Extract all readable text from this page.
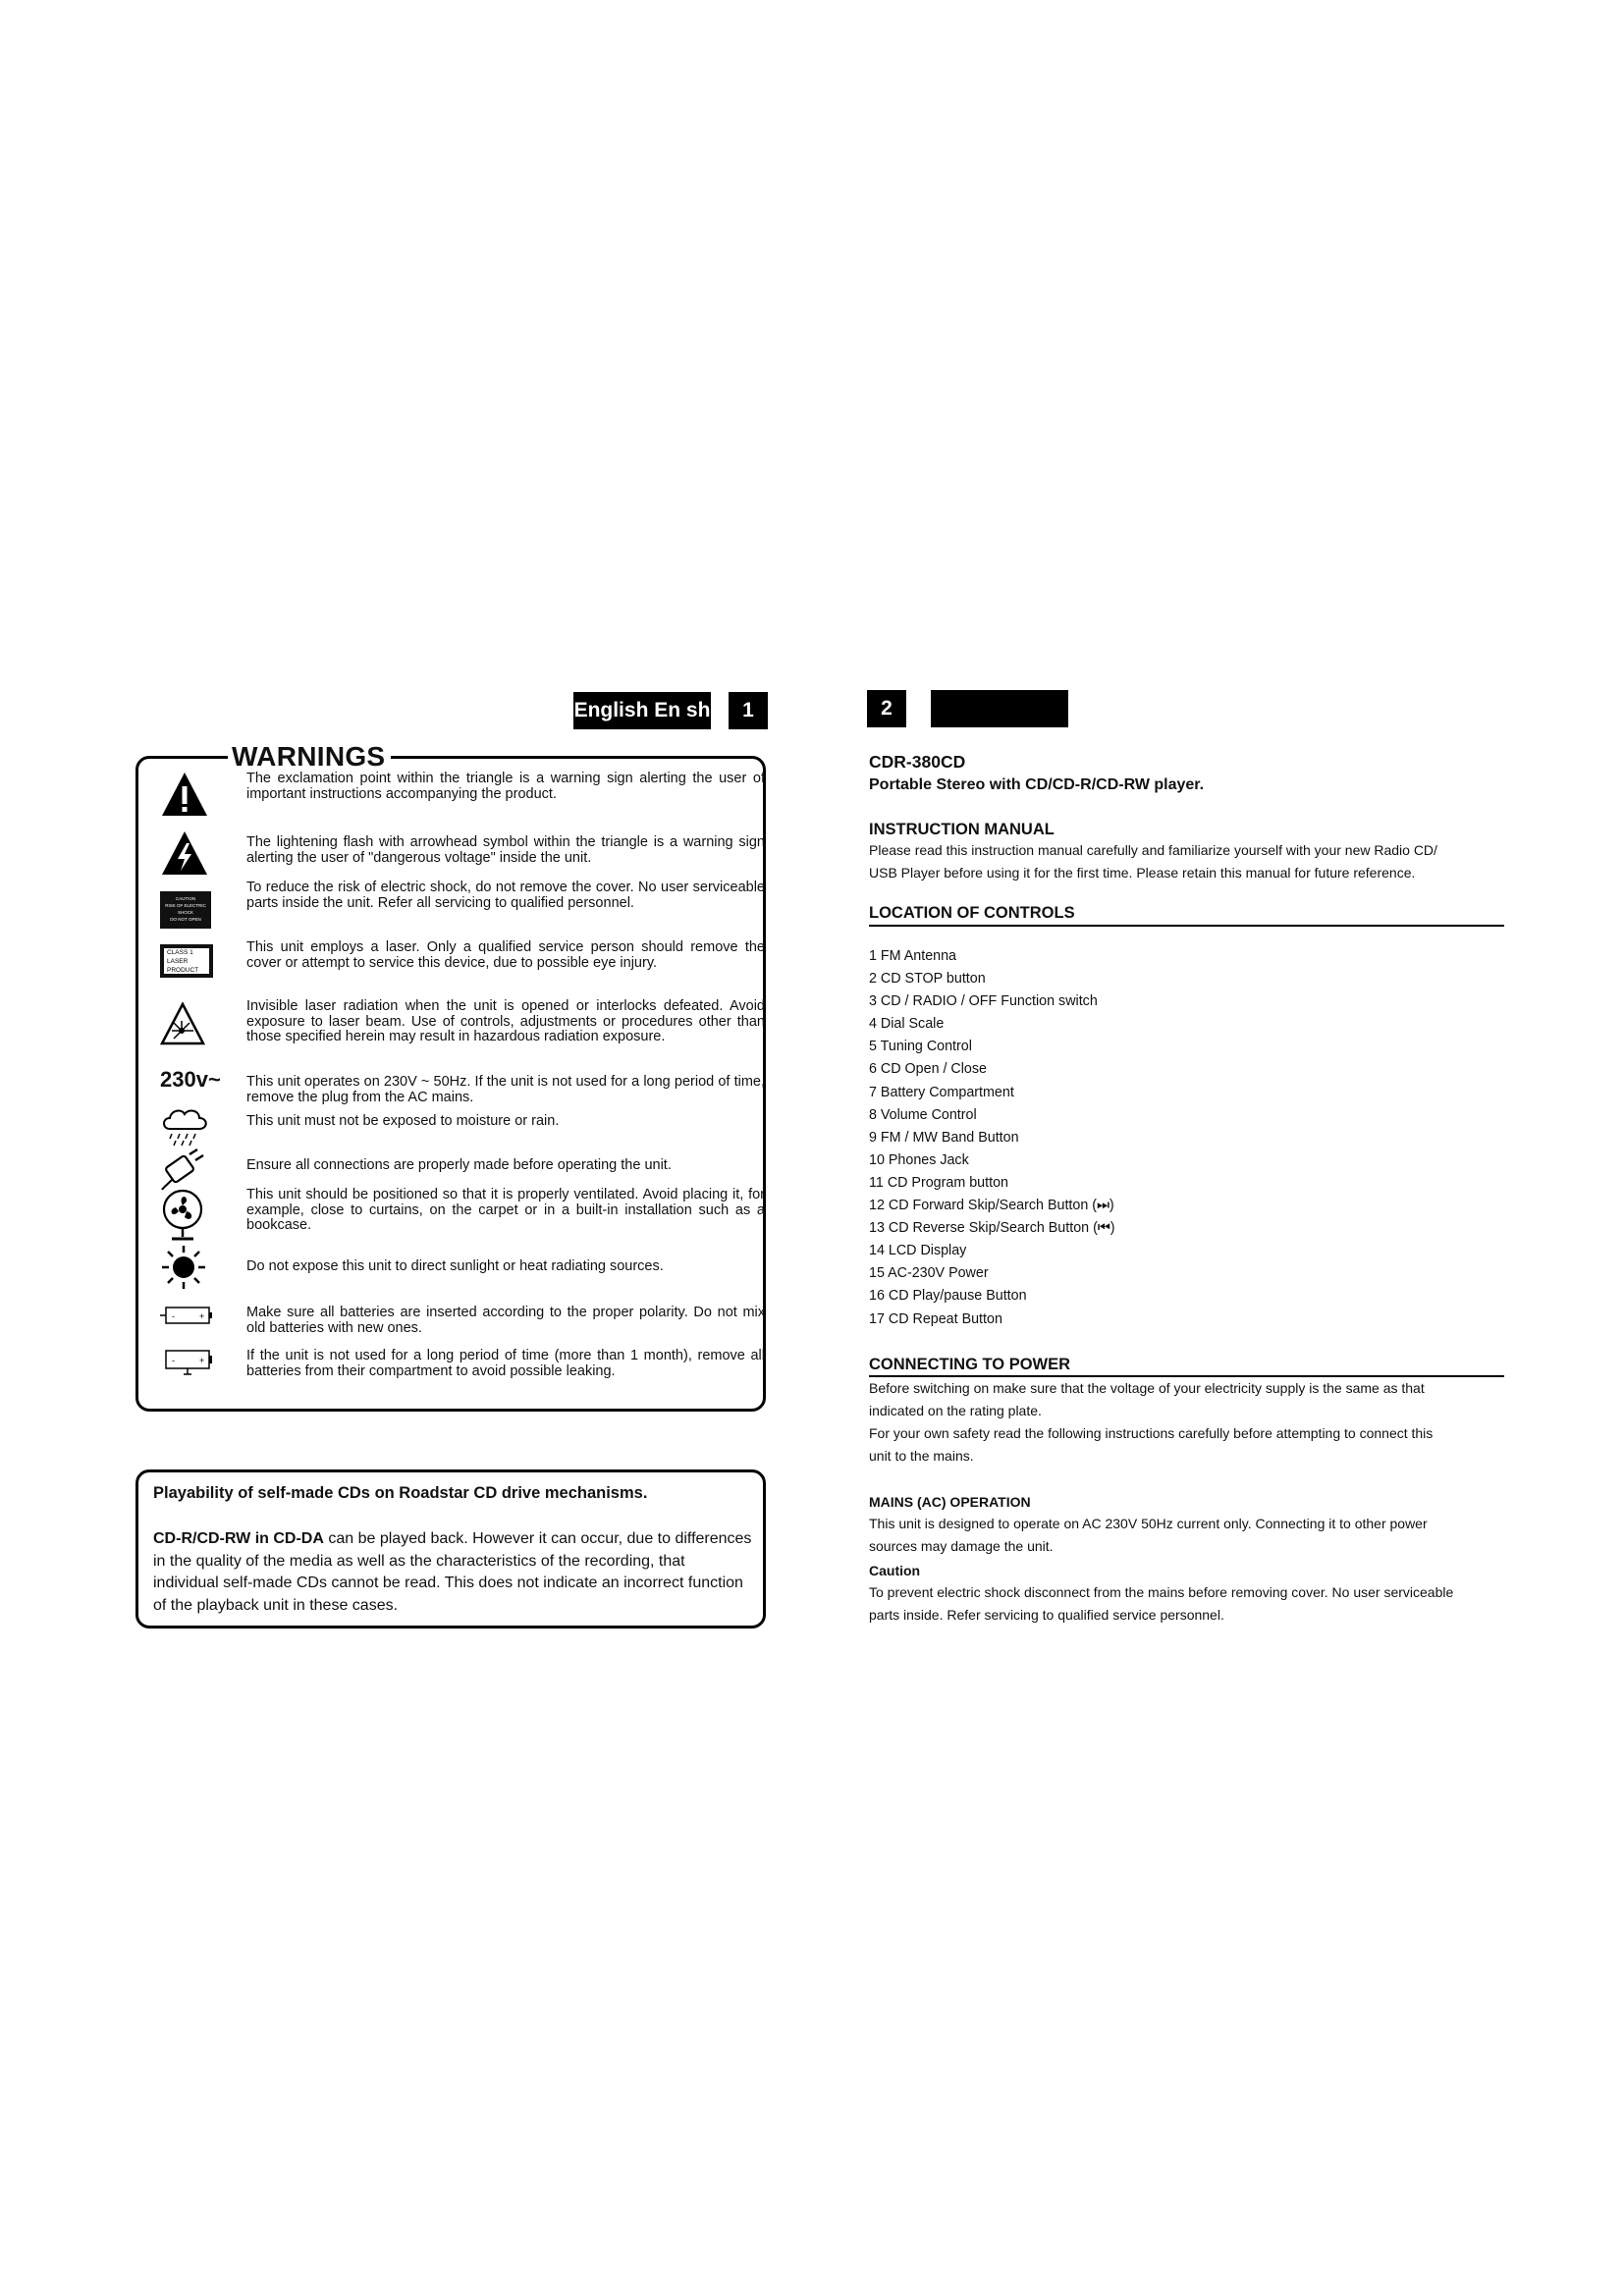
English En sh	1	2
WARNINGS
The exclamation point within the triangle is a warning sign alerting the user of important instructions accompanying the product.
The lightening flash with arrowhead symbol within the triangle is a warning sign alerting the user of "dangerous voltage" inside the unit.
CAUTION
RISK OF ELECTRIC
SHOCK
DO NOT OPEN
To reduce the risk of electric shock, do not remove the cover. No user serviceable parts inside the unit. Refer all servicing to qualified personnel.
CLASS 1
LASER PRODUCT
This unit employs a laser. Only a qualified service person should remove the cover or attempt to service this device, due to possible eye injury.
Invisible laser radiation when the unit is opened or interlocks defeated. Avoid exposure to laser beam. Use of controls, adjustments or procedures other than those specified herein may result in hazardous radiation exposure.
230v~ This unit operates on 230V ~ 50Hz. If the unit is not used for a long period of time, remove the plug from the AC mains.
This unit must not be exposed to moisture or rain.
Ensure all connections are properly made before operating the unit.
This unit should be positioned so that it is properly ventilated. Avoid placing it, for example, close to curtains, on the carpet or in a built-in installation such as a bookcase.
Do not expose this unit to direct sunlight or heat radiating sources.
-	+	Make sure all batteries are inserted according to the proper polarity. Do not mix old batteries with new ones.
-	+	If the unit is not used for a long period of time (more than 1 month), remove all batteries from their compartment to avoid possible leaking.
Playability of self-made CDs on Roadstar CD drive mechanisms.
CD-R/CD-RW in CD-DA can be played back. However it can occur, due to differences in the quality of the media as well as the characteristics of the recording, that individual self-made CDs cannot be read. This does not indicate an incorrect function of the playback unit in these cases.
CDR-380CD
Portable Stereo with CD/CD-R/CD-RW player.
INSTRUCTION MANUAL
Please read this instruction manual carefully and familiarize yourself with your new Radio CD/
USB Player before using it for the first time. Please retain this manual for future reference.
LOCATION OF CONTROLS
1 FM Antenna
2 CD STOP button
3 CD / RADIO / OFF Function switch
4 Dial Scale
5 Tuning Control
6 CD Open / Close
7 Battery Compartment
8 Volume Control
9 FM / MW Band Button
10 Phones Jack
11 CD Program button
12 CD Forward Skip/Search Button (⏭)
13 CD Reverse Skip/Search Button (⏮)
14 LCD Display
15 AC-230V Power
16 CD Play/pause Button
17 CD Repeat Button
CONNECTING TO POWER
Before switching on make sure that the voltage of your electricity supply is the same as that
indicated on the rating plate.
For your own safety read the following instructions carefully before attempting to connect this
unit to the mains.
MAINS (AC) OPERATION
This unit is designed to operate on AC 230V 50Hz current only. Connecting it to other power
sources may damage the unit.
Caution
To prevent electric shock disconnect from the mains before removing cover. No user serviceable
parts inside. Refer servicing to qualified service personnel.
